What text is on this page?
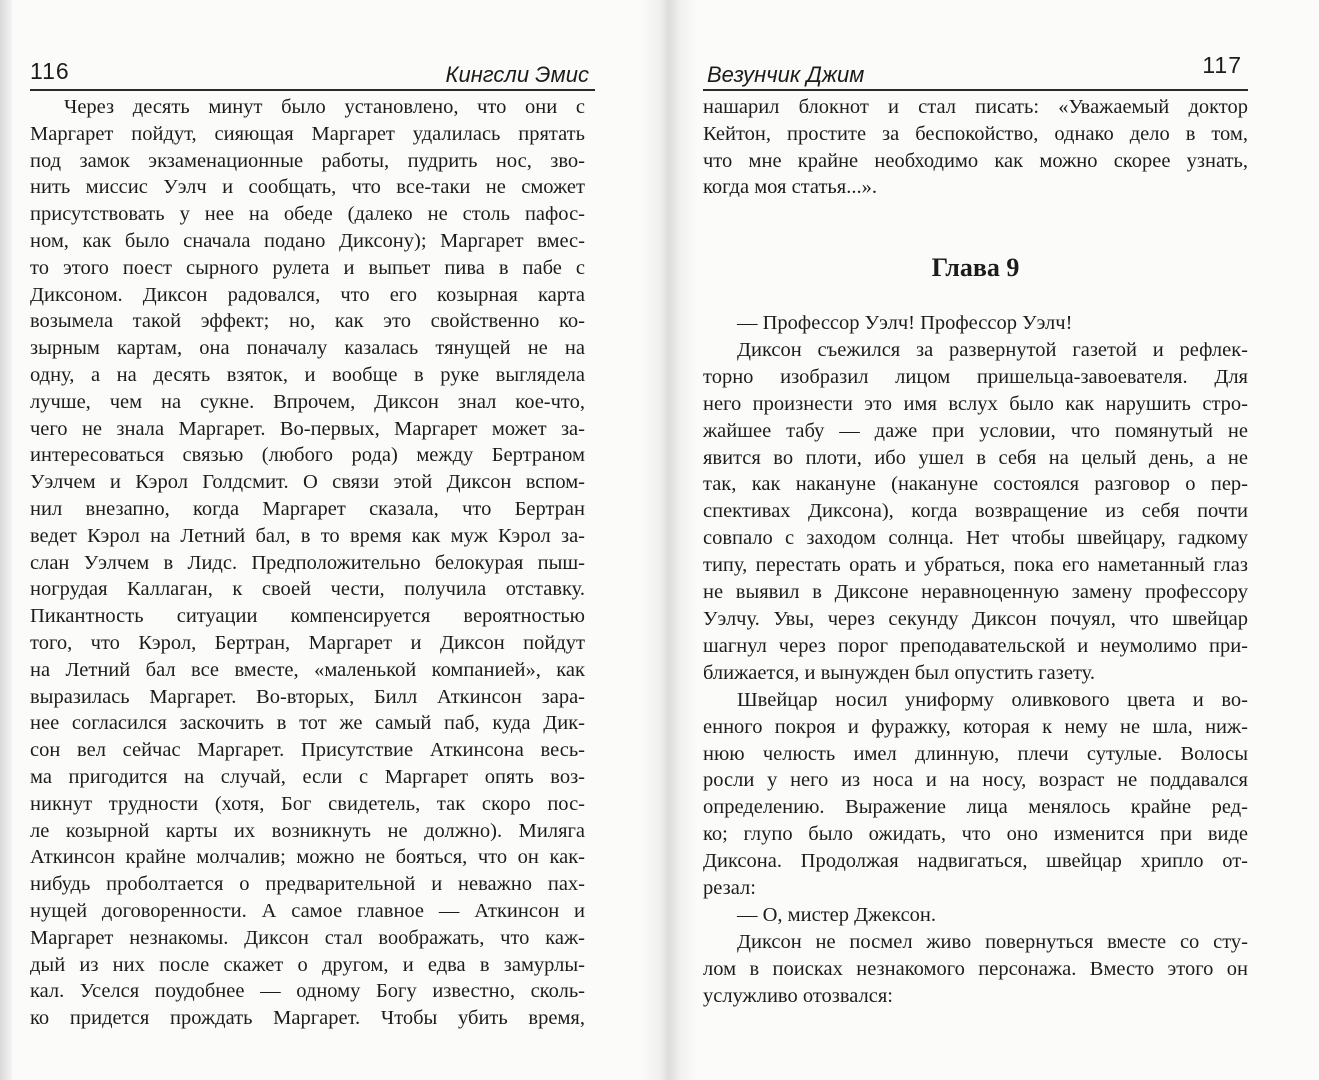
116	Кингсли Эмис
Через десять минут было установлено, что они с
Маргарет пойдут, сияющая Маргарет удалилась прятать
под замок экзаменационные работы, пудрить нос, зво-
нить миссис Уэлч и сообщать, что все-таки не сможет
присутствовать у нее на обеде (далеко не столь пафос-
ном, как было сначала подано Диксону); Маргарет вмес-
то этого поест сырного рулета и выпьет пива в пабе с
Диксоном. Диксон радовался, что его козырная карта
возымела такой эффект; но, как это свойственно ко-
зырным картам, она поначалу казалась тянущей не на
одну, а на десять взяток, и вообще в руке выглядела
лучше, чем на сукне. Впрочем, Диксон знал кое-что,
чего не знала Маргарет. Во-первых, Маргарет может за-
интересоваться связью (любого рода) между Бертраном
Уэлчем и Кэрол Голдсмит. О связи этой Диксон вспом-
нил внезапно, когда Маргарет сказала, что Бертран
ведет Кэрол на Летний бал, в то время как муж Кэрол за-
слан Уэлчем в Лидс. Предположительно белокурая пыш-
ногрудая Каллаган, к своей чести, получила отставку.
Пикантность ситуации компенсируется вероятностью
того, что Кэрол, Бертран, Маргарет и Диксон пойдут
на Летний бал все вместе, «маленькой компанией», как
выразилась Маргарет. Во-вторых, Билл Аткинсон зара-
нее согласился заскочить в тот же самый паб, куда Дик-
сон вел сейчас Маргарет. Присутствие Аткинсона весь-
ма пригодится на случай, если с Маргарет опять воз-
никнут трудности (хотя, Бог свидетель, так скоро пос-
ле козырной карты их возникнуть не должно). Миляга
Аткинсон крайне молчалив; можно не бояться, что он как-
нибудь проболтается о предварительной и неважно пах-
нущей договоренности. А самое главное — Аткинсон и
Маргарет незнакомы. Диксон стал воображать, что каж-
дый из них после скажет о другом, и едва в замурлы-
кал. Уселся поудобнее — одному Богу известно, сколь-
ко придется прождать Маргарет. Чтобы убить время,
Везунчик Джим	117
нашарил блокнот и стал писать: «Уважаемый доктор
Кейтон, простите за беспокойство, однако дело в том,
что мне крайне необходимо как можно скорее узнать,
когда моя статья...».
Глава 9
— Профессор Уэлч! Профессор Уэлч!
Диксон съежился за развернутой газетой и рефлек-
торно изобразил лицом пришельца-завоевателя. Для
него произнести это имя вслух было как нарушить стро-
жайшее табу — даже при условии, что помянутый не
явится во плоти, ибо ушел в себя на целый день, а не
так, как накануне (накануне состоялся разговор о пер-
спективах Диксона), когда возвращение из себя почти
совпало с заходом солнца. Нет чтобы швейцару, гадкому
типу, перестать орать и убраться, пока его наметанный глаз
не выявил в Диксоне неравноценную замену профессору
Уэлчу. Увы, через секунду Диксон почуял, что швейцар
шагнул через порог преподавательской и неумолимо при-
ближается, и вынужден был опустить газету.
Швейцар носил униформу оливкового цвета и во-
енного покроя и фуражку, которая к нему не шла, ниж-
нюю челюсть имел длинную, плечи сутулые. Волосы
росли у него из носа и на носу, возраст не поддавался
определению. Выражение лица менялось крайне ред-
ко; глупо было ожидать, что оно изменится при виде
Диксона. Продолжая надвигаться, швейцар хрипло от-
резал:
— О, мистер Джексон.
Диксон не посмел живо повернуться вместе со сту-
лом в поисках незнакомого персонажа. Вместо этого он
услужливо отозвался:
